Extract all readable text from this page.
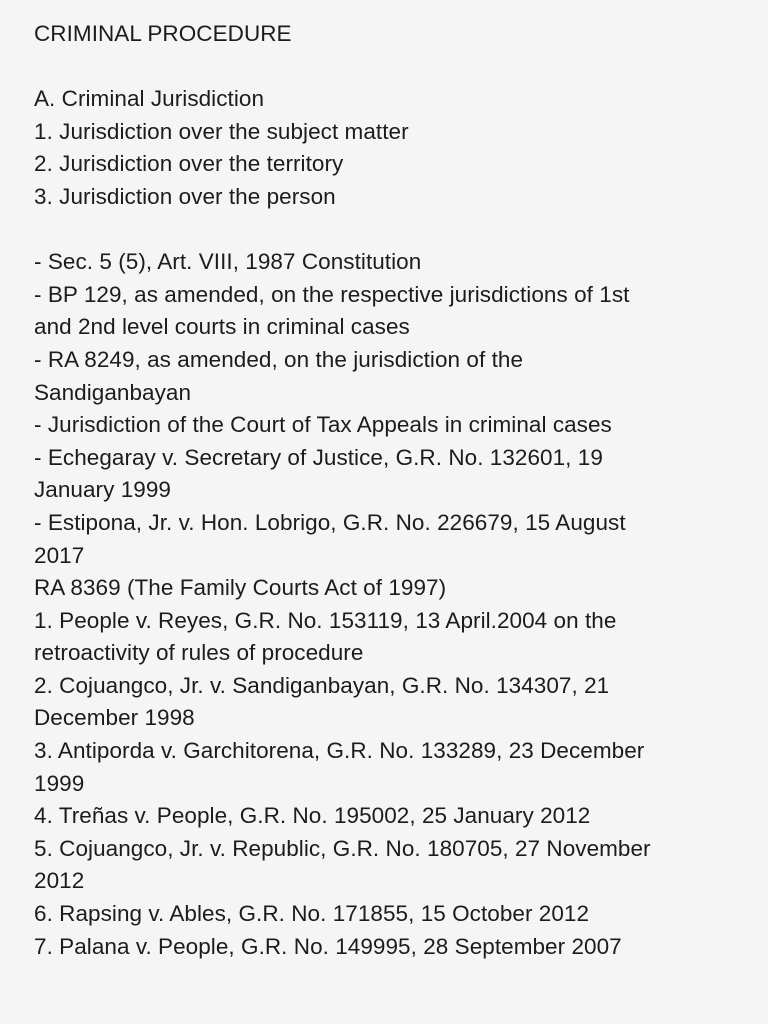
CRIMINAL PROCEDURE
A. Criminal Jurisdiction
1. Jurisdiction over the subject matter
2. Jurisdiction over the territory
3. Jurisdiction over the person
- Sec. 5 (5), Art. VIII, 1987 Constitution
- BP 129, as amended, on the respective jurisdictions of 1st
and 2nd level courts in criminal cases
- RA 8249, as amended, on the jurisdiction of the
Sandiganbayan
- Jurisdiction of the Court of Tax Appeals in criminal cases
- Echegaray v. Secretary of Justice, G.R. No. 132601, 19
January 1999
- Estipona, Jr. v. Hon. Lobrigo, G.R. No. 226679, 15 August
2017
RA 8369 (The Family Courts Act of 1997)
1. People v. Reyes, G.R. No. 153119, 13 April.2004 on the
retroactivity of rules of procedure
2. Cojuangco, Jr. v. Sandiganbayan, G.R. No. 134307, 21
December 1998
3. Antiporda v. Garchitorena, G.R. No. 133289, 23 December
1999
4. Treñas v. People, G.R. No. 195002, 25 January 2012
5. Cojuangco, Jr. v. Republic, G.R. No. 180705, 27 November
2012
6. Rapsing v. Ables, G.R. No. 171855, 15 October 2012
7. Palana v. People, G.R. No. 149995, 28 September 2007
